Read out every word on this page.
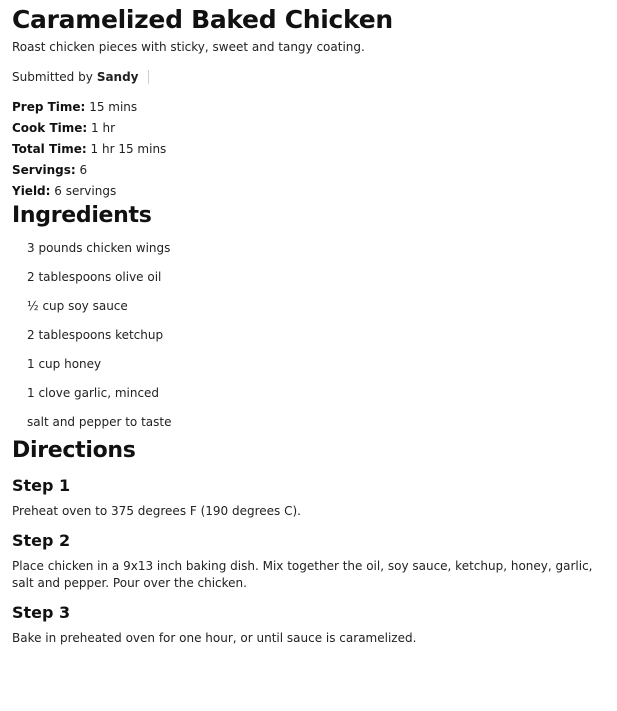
Caramelized Baked Chicken
Roast chicken pieces with sticky, sweet and tangy coating.
Submitted by Sandy
Prep Time: 15 mins
Cook Time: 1 hr
Total Time: 1 hr 15 mins
Servings: 6
Yield: 6 servings
Ingredients
3 pounds chicken wings
2 tablespoons olive oil
½ cup soy sauce
2 tablespoons ketchup
1 cup honey
1 clove garlic, minced
salt and pepper to taste
Directions
Step 1
Preheat oven to 375 degrees F (190 degrees C).
Step 2
Place chicken in a 9x13 inch baking dish. Mix together the oil, soy sauce, ketchup, honey, garlic, salt and pepper. Pour over the chicken.
Step 3
Bake in preheated oven for one hour, or until sauce is caramelized.
